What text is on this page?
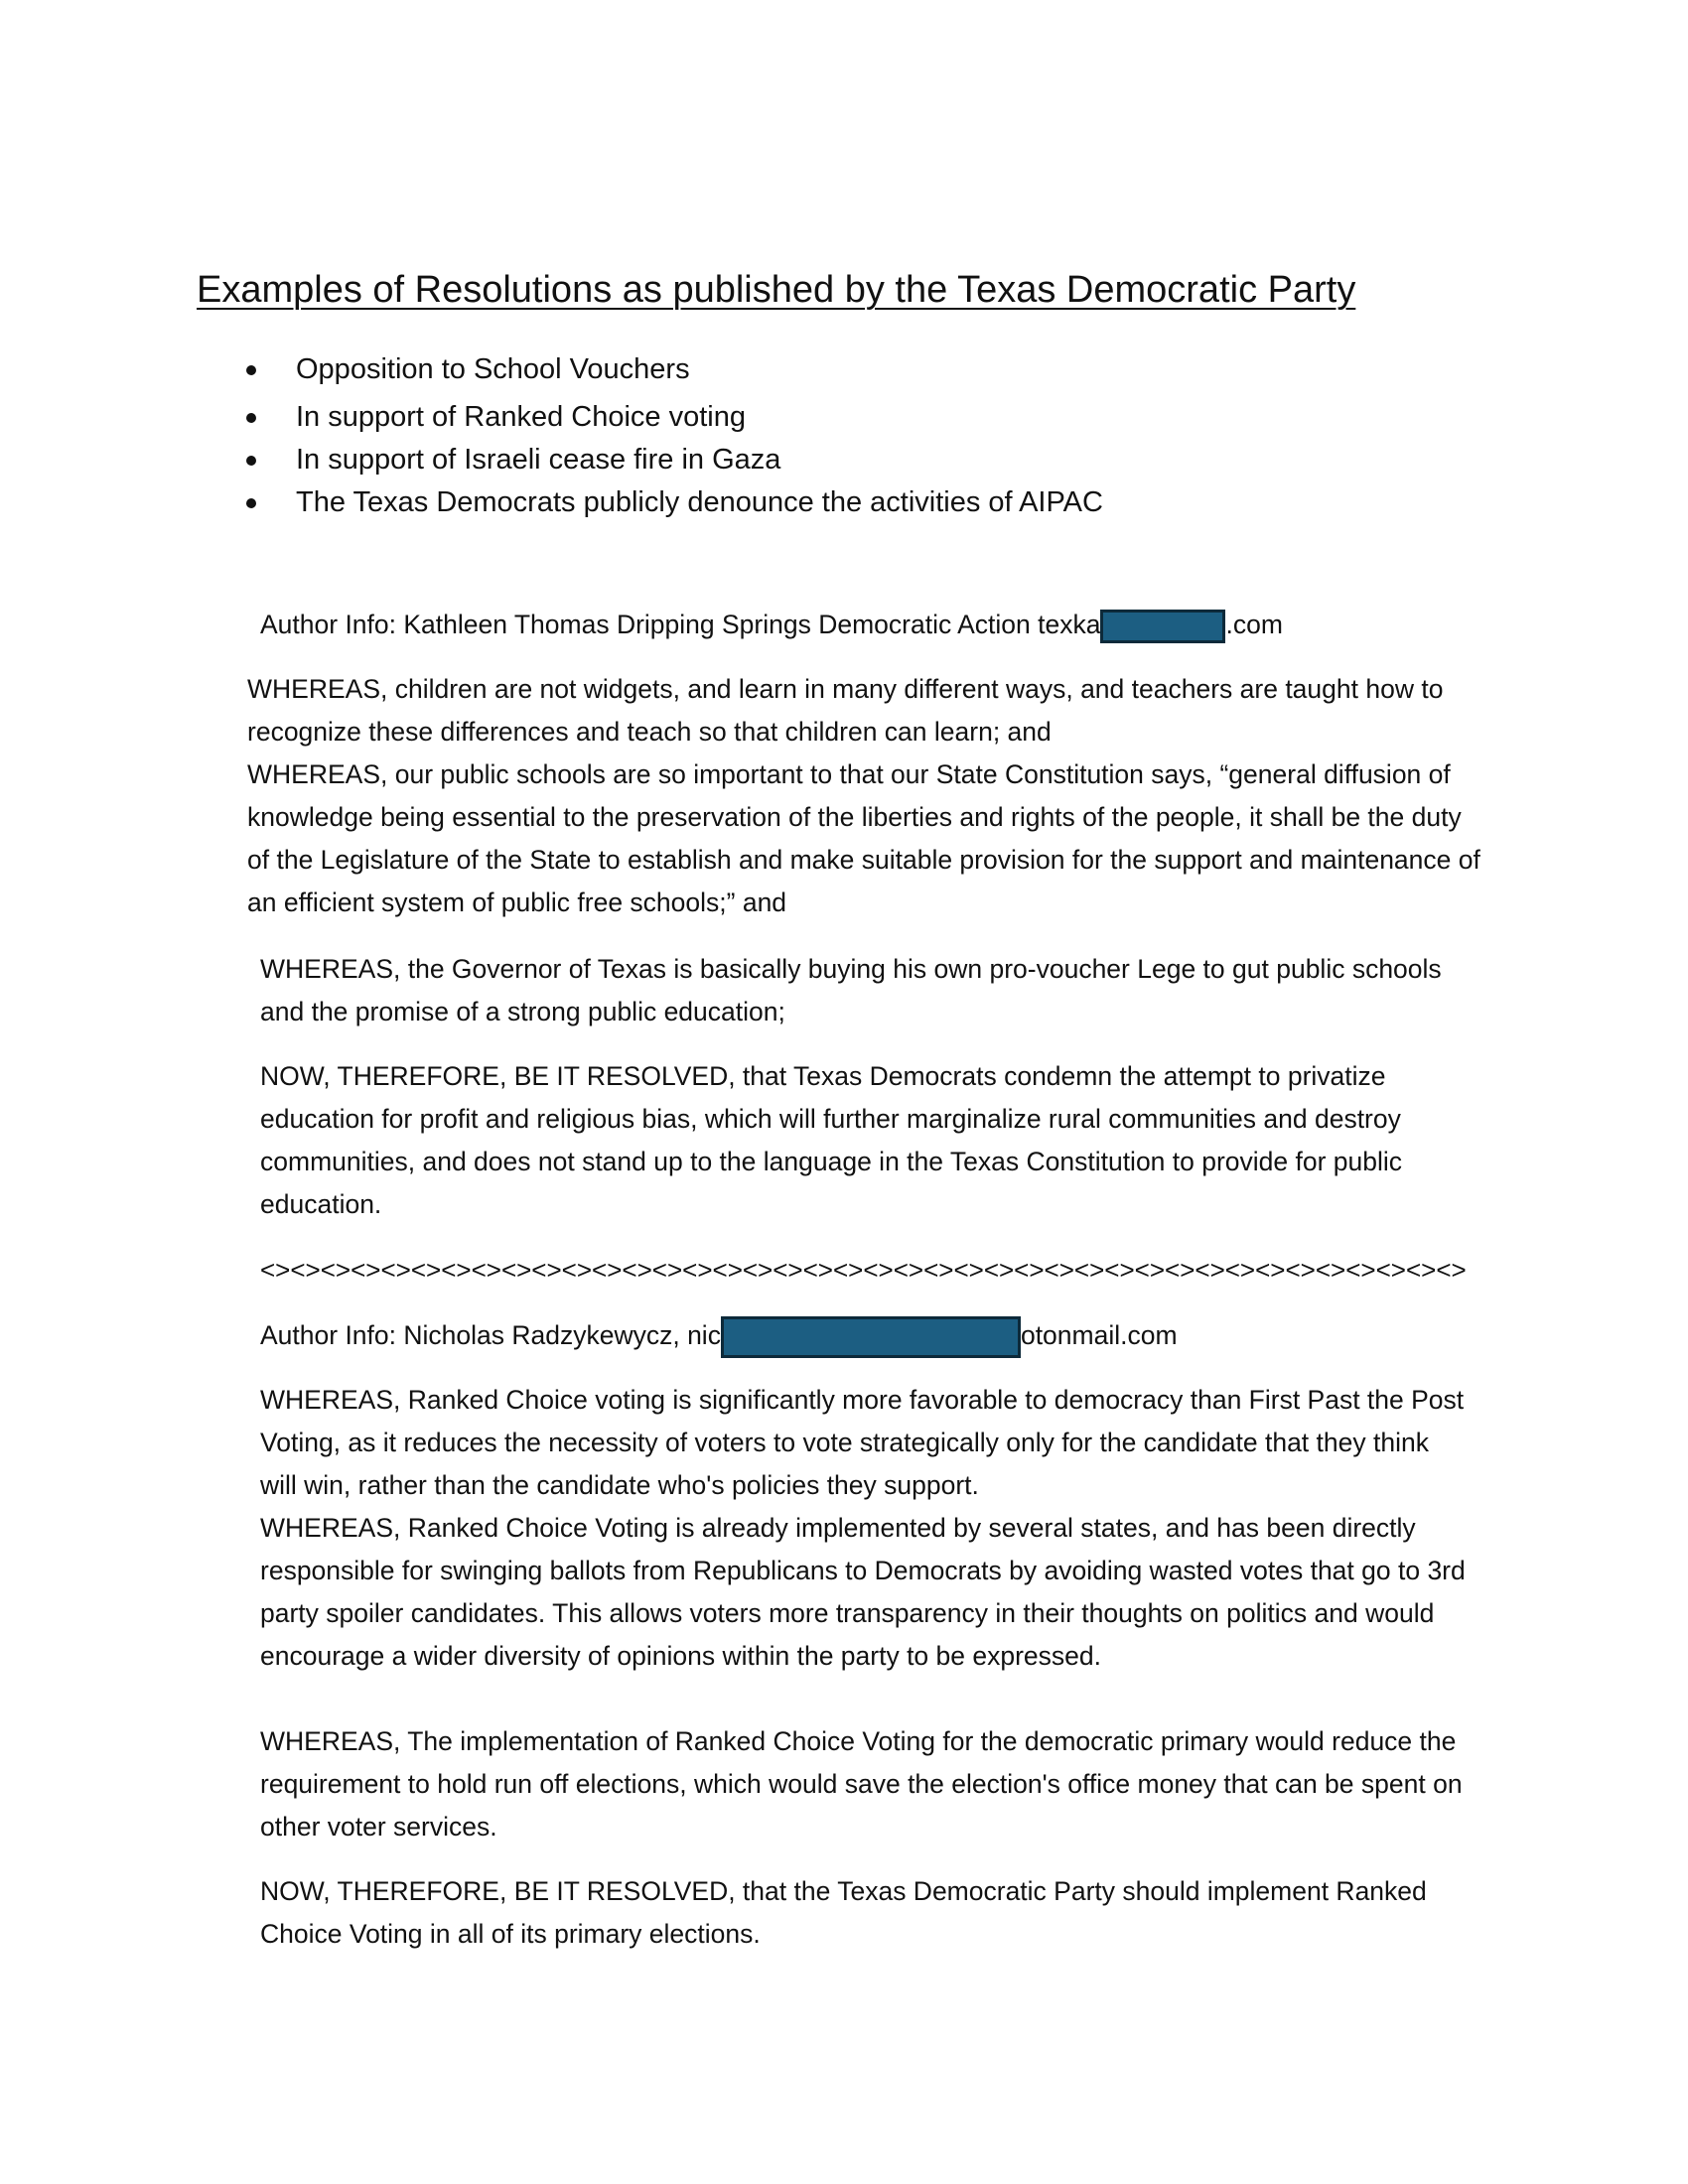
Examples of Resolutions as published by the Texas Democratic Party
Opposition to School Vouchers
In support of Ranked Choice voting
In support of Israeli cease fire in Gaza
The Texas Democrats publicly denounce the activities of AIPAC
Author Info: Kathleen Thomas Dripping Springs Democratic Action texka	.com
WHEREAS, children are not widgets, and learn in many different ways, and teachers are taught how to recognize these differences and teach so that children can learn; and
WHEREAS, our public schools are so important to that our State Constitution says, “general diffusion of knowledge being essential to the preservation of the liberties and rights of the people, it shall be the duty of the Legislature of the State to establish and make suitable provision for the support and maintenance of an efficient system of public free schools;” and
WHEREAS, the Governor of Texas is basically buying his own pro-voucher Lege to gut public schools and the promise of a strong public education;
NOW, THEREFORE, BE IT RESOLVED, that Texas Democrats condemn the attempt to privatize education for profit and religious bias, which will further marginalize rural communities and destroy communities, and does not stand up to the language in the Texas Constitution to provide for public education.
<><><><><><><><><><><><><><><><><><><><><><><><><><><><><><><><><><><><><><><><>
Author Info: Nicholas Radzykewycz, nic	otonmail.com
WHEREAS, Ranked Choice voting is significantly more favorable to democracy than First Past the Post Voting, as it reduces the necessity of voters to vote strategically only for the candidate that they think will win, rather than the candidate who's policies they support.
WHEREAS, Ranked Choice Voting is already implemented by several states, and has been directly responsible for swinging ballots from Republicans to Democrats by avoiding wasted votes that go to 3rd party spoiler candidates. This allows voters more transparency in their thoughts on politics and would encourage a wider diversity of opinions within the party to be expressed.
WHEREAS, The implementation of Ranked Choice Voting for the democratic primary would reduce the requirement to hold run off elections, which would save the election's office money that can be spent on other voter services.
NOW, THEREFORE, BE IT RESOLVED, that the Texas Democratic Party should implement Ranked Choice Voting in all of its primary elections.
